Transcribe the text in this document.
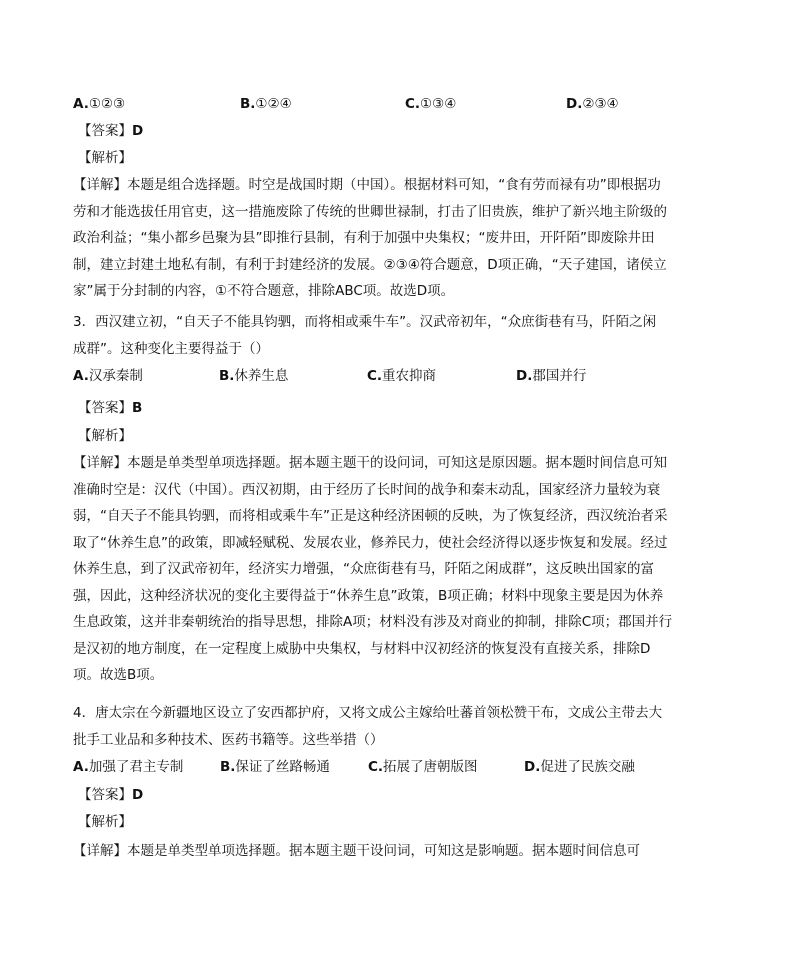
A.①②③	B.①②④	C.①③④	D.②③④
【答案】D
【解析】
【详解】本题是组合选择题。时空是战国时期（中国）。根据材料可知，“食有劳而禄有功”即根据功劳和才能选拔任用官吏，这一措施废除了传统的世卿世禄制，打击了旧贵族，维护了新兴地主阶级的政治利益；“集小都乡邑聚为县”即推行县制，有利于加强中央集权；“废井田，开阡陌”即废除井田制，建立封建土地私有制，有利于封建经济的发展。②③④符合题意，D项正确，“天子建国，诸侯立家”属于分封制的内容，①不符合题意，排除ABC项。故选D项。
3．西汉建立初，“自天子不能具钧驷，而将相或乘牛车”。汉武帝初年，“众庶街巷有马，阡陌之闲成群”。这种变化主要得益于（）
A.汉承秦制	B.休养生息	C.重农抑商	D.郡国并行
【答案】B
【解析】
【详解】本题是单类型单项选择题。据本题主题干的设问词，可知这是原因题。据本题时间信息可知准确时空是：汉代（中国）。西汉初期，由于经历了长时间的战争和秦末动乱，国家经济力量较为衰弱，“自天子不能具钧驷，而将相或乘牛车”正是这种经济困顿的反映，为了恢复经济，西汉统治者采取了“休养生息”的政策，即减轻赋税、发展农业，修养民力，使社会经济得以逐步恢复和发展。经过休养生息，到了汉武帝初年，经济实力增强，“众庶街巷有马，阡陌之闲成群”，这反映出国家的富强，因此，这种经济状况的变化主要得益于“休养生息”政策，B项正确；材料中现象主要是因为休养生息政策，这并非秦朝统治的指导思想，排除A项；材料没有涉及对商业的抑制，排除C项；郡国并行是汉初的地方制度，在一定程度上威胁中央集权，与材料中汉初经济的恢复没有直接关系，排除D项。故选B项。
4．唐太宗在今新疆地区设立了安西都护府，又将文成公主嫁给吐蕃首领松赞干布，文成公主带去大批手工业品和多种技术、医药书籍等。这些举措（）
A.加强了君主专制	B.保证了丝路畅通	C.拓展了唐朝版图	D.促进了民族交融
【答案】D
【解析】
【详解】本题是单类型单项选择题。据本题主题干设问词，可知这是影响题。据本题时间信息可
